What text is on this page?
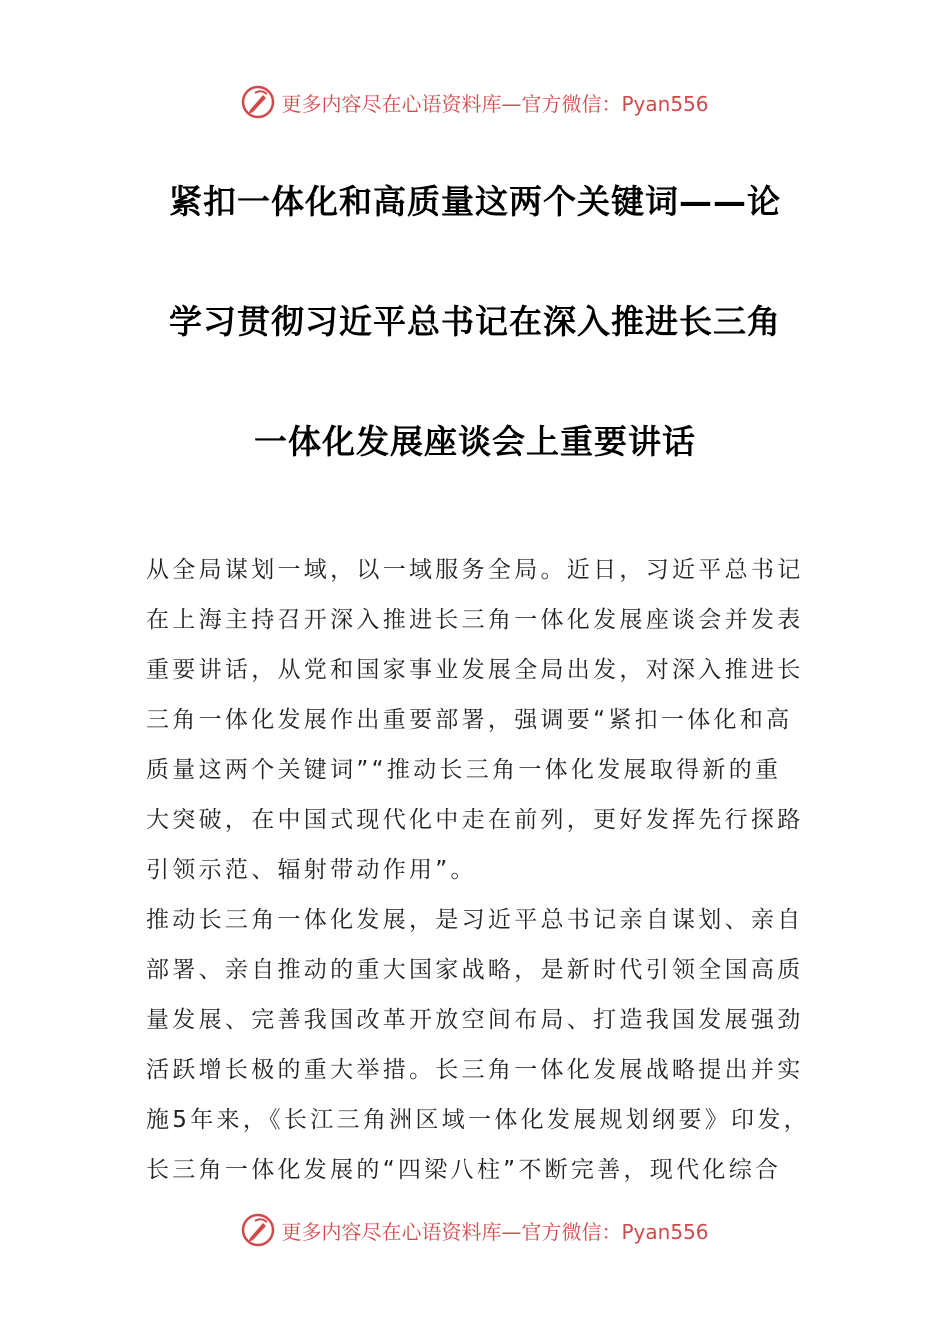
更多内容尽在心语资料库—官方微信：Pyan556
紧扣一体化和高质量这两个关键词——论
学习贯彻习近平总书记在深入推进长三角
一体化发展座谈会上重要讲话
从全局谋划一域，以一域服务全局。近日，习近平总书记
在上海主持召开深入推进长三角一体化发展座谈会并发表
重要讲话，从党和国家事业发展全局出发，对深入推进长
三角一体化发展作出重要部署，强调要“紧扣一体化和高
质量这两个关键词”“推动长三角一体化发展取得新的重
大突破，在中国式现代化中走在前列，更好发挥先行探路
引领示范、辐射带动作用”。
推动长三角一体化发展，是习近平总书记亲自谋划、亲自
部署、亲自推动的重大国家战略，是新时代引领全国高质
量发展、完善我国改革开放空间布局、打造我国发展强劲
活跃增长极的重大举措。长三角一体化发展战略提出并实
施5年来，《长江三角洲区域一体化发展规划纲要》印发，
长三角一体化发展的“四梁八柱”不断完善，现代化综合
更多内容尽在心语资料库—官方微信：Pyan556
